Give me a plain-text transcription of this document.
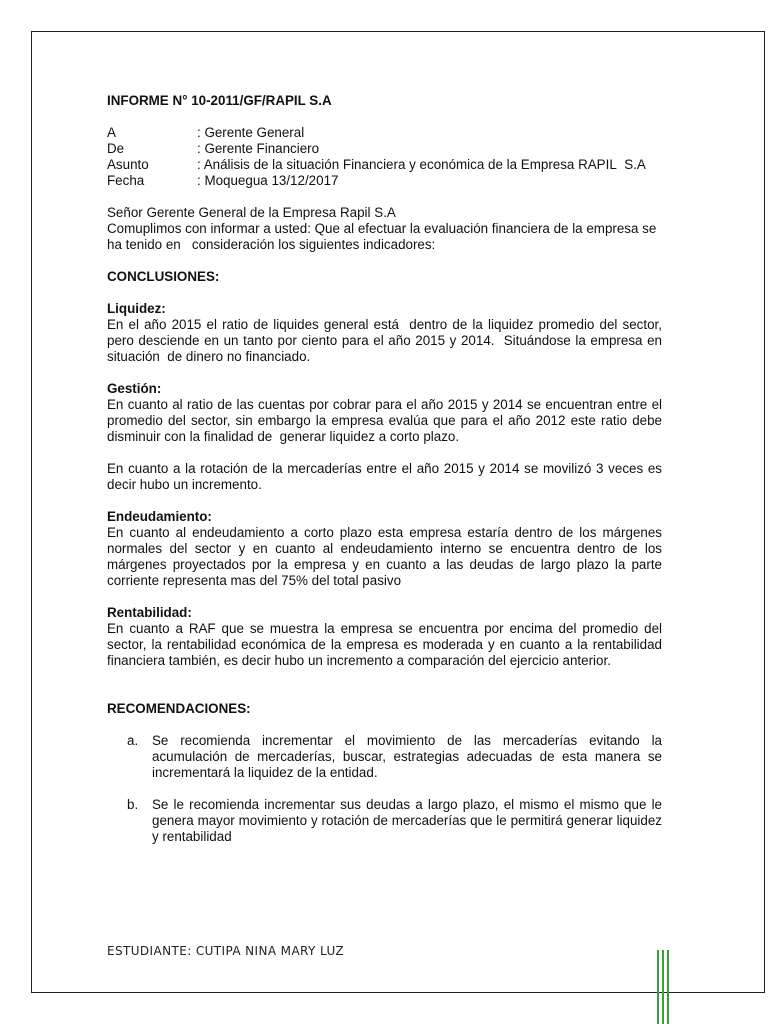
INFORME N° 10-2011/GF/RAPIL S.A
A	: Gerente General
De	: Gerente Financiero
Asunto	: Análisis de la situación Financiera y económica de la Empresa RAPIL  S.A
Fecha	: Moquegua 13/12/2017

Señor Gerente General de la Empresa Rapil S.A

Comuplimos con informar a usted: Que al efectuar la evaluación financiera de la empresa se ha tenido en   consideración los siguientes indicadores:

CONCLUSIONES:
Liquidez:

En el año 2015 el ratio de liquides general está  dentro de la liquidez promedio del sector, pero desciende en un tanto por ciento para el año 2015 y 2014.  Situándose la empresa en situación  de dinero no financiado.

Gestión:

En cuanto al ratio de las cuentas por cobrar para el año 2015 y 2014 se encuentran entre el promedio del sector, sin embargo la empresa evalúa que para el año 2012 este ratio debe disminuir con la finalidad de  generar liquidez a corto plazo.

En cuanto a la rotación de la mercaderías entre el año 2015 y 2014 se movilizó 3 veces es decir hubo un incremento.

Endeudamiento:

En cuanto al endeudamiento a corto plazo esta empresa estaría dentro de los márgenes normales del sector y en cuanto al endeudamiento interno se encuentra dentro de los márgenes proyectados por la empresa y en cuanto a las deudas de largo plazo la parte corriente representa mas del 75% del total pasivo

Rentabilidad:

En cuanto a RAF que se muestra la empresa se encuentra por encima del promedio del sector, la rentabilidad económica de la empresa es moderada y en cuanto a la rentabilidad financiera también, es decir hubo un incremento a comparación del ejercicio anterior.

RECOMENDACIONES:
a.	Se recomienda incrementar el movimiento de las mercaderías evitando la acumulación de mercaderías, buscar, estrategias adecuadas de esta manera se incrementará la liquidez de la entidad.
b.	Se le recomienda incrementar sus deudas a largo plazo, el mismo el mismo que le genera mayor movimiento y rotación de mercaderías que le permitirá generar liquidez y rentabilidad
ESTUDIANTE: CUTIPA NINA MARY LUZ
